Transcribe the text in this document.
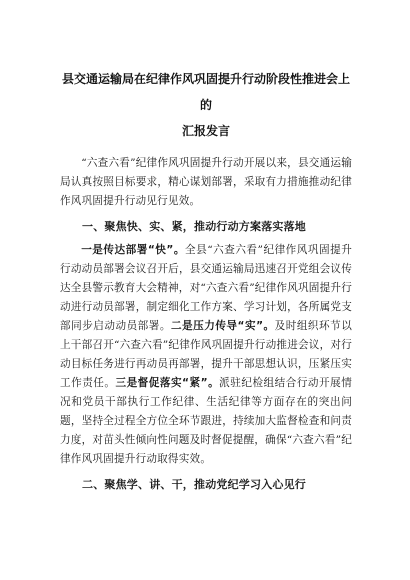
县交通运输局在纪律作风巩固提升行动阶段性推进会上的
汇报发言

“六查六看”纪律作风巩固提升行动开展以来，县交通运输局认真按照目标要求，精心谋划部署，采取有力措施推动纪律作风巩固提升行动见行见效。

一、聚焦快、实、紧，推动行动方案落实落地

一是传达部署“快”。全县“六查六看”纪律作风巩固提升行动动员部署会议召开后，县交通运输局迅速召开党组会议传达全县警示教育大会精神，对“六查六看”纪律作风巩固提升行动进行动员部署，制定细化工作方案、学习计划，各所属党支部同步启动动员部署。二是压力传导“实”。及时组织环节以上干部召开“六查六看”纪律作风巩固提升行动推进会议，对行动目标任务进行再动员再部署，提升干部思想认识，压紧压实工作责任。三是督促落实“紧”。派驻纪检组结合行动开展情况和党员干部执行工作纪律、生活纪律等方面存在的突出问题，坚持全过程全方位全环节跟进，持续加大监督检查和问责力度，对苗头性倾向性问题及时督促提醒，确保“六查六看”纪律作风巩固提升行动取得实效。

二、聚焦学、讲、干，推动党纪学习入心见行
